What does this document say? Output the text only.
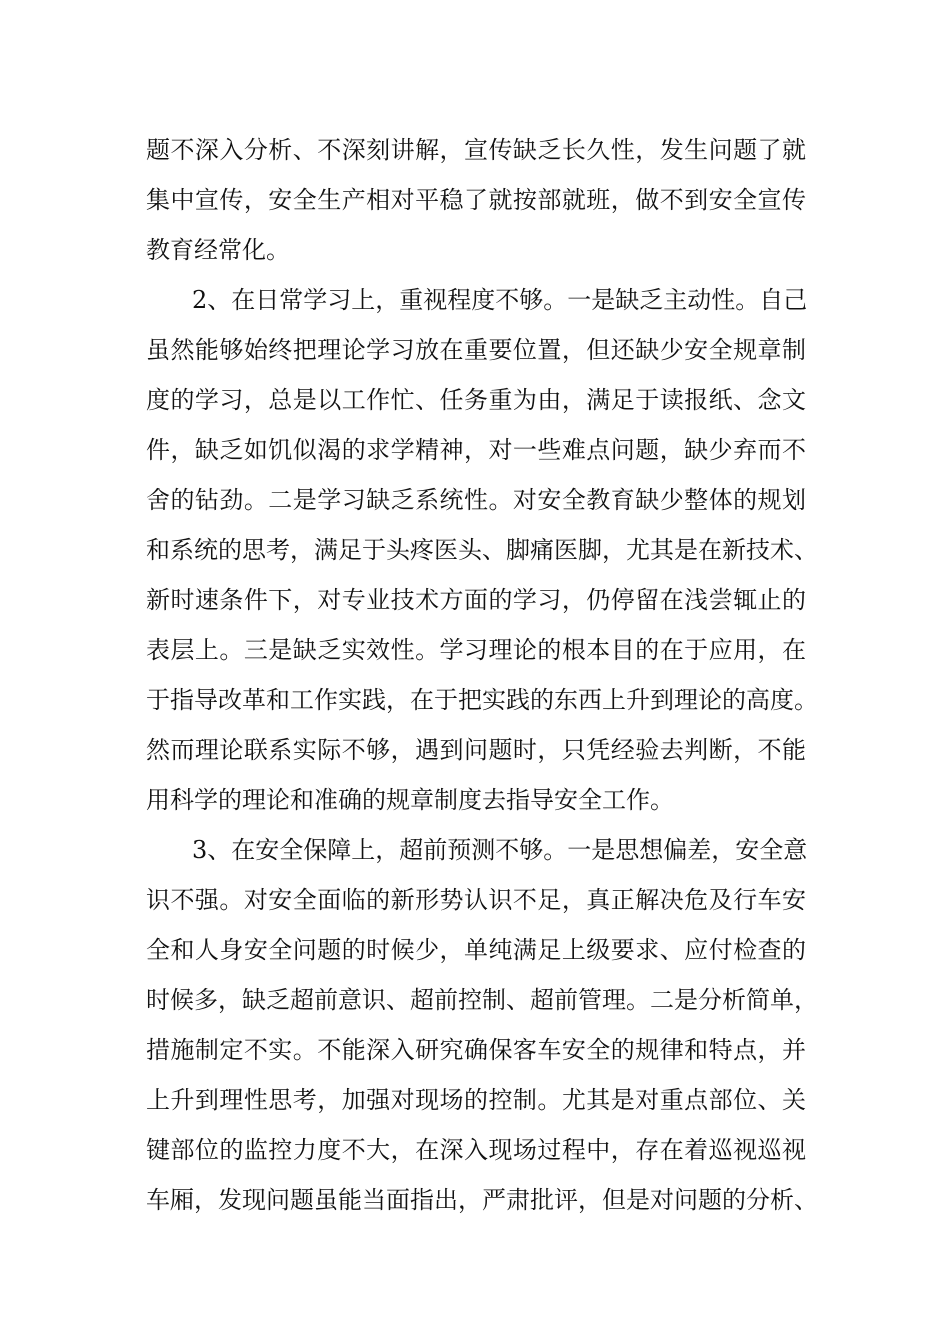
题不深入分析、不深刻讲解，宣传缺乏长久性，发生问题了就
集中宣传，安全生产相对平稳了就按部就班，做不到安全宣传
教育经常化。
2、在日常学习上，重视程度不够。一是缺乏主动性。自己
虽然能够始终把理论学习放在重要位置，但还缺少安全规章制
度的学习，总是以工作忙、任务重为由，满足于读报纸、念文
件，缺乏如饥似渴的求学精神，对一些难点问题，缺少弃而不
舍的钻劲。二是学习缺乏系统性。对安全教育缺少整体的规划
和系统的思考，满足于头疼医头、脚痛医脚，尤其是在新技术、
新时速条件下，对专业技术方面的学习，仍停留在浅尝辄止的
表层上。三是缺乏实效性。学习理论的根本目的在于应用，在
于指导改革和工作实践，在于把实践的东西上升到理论的高度。
然而理论联系实际不够，遇到问题时，只凭经验去判断，不能
用科学的理论和准确的规章制度去指导安全工作。
3、在安全保障上，超前预测不够。一是思想偏差，安全意
识不强。对安全面临的新形势认识不足，真正解决危及行车安
全和人身安全问题的时候少，单纯满足上级要求、应付检查的
时候多，缺乏超前意识、超前控制、超前管理。二是分析简单，
措施制定不实。不能深入研究确保客车安全的规律和特点，并
上升到理性思考，加强对现场的控制。尤其是对重点部位、关
键部位的监控力度不大，在深入现场过程中，存在着巡视巡视
车厢，发现问题虽能当面指出，严肃批评，但是对问题的分析、
